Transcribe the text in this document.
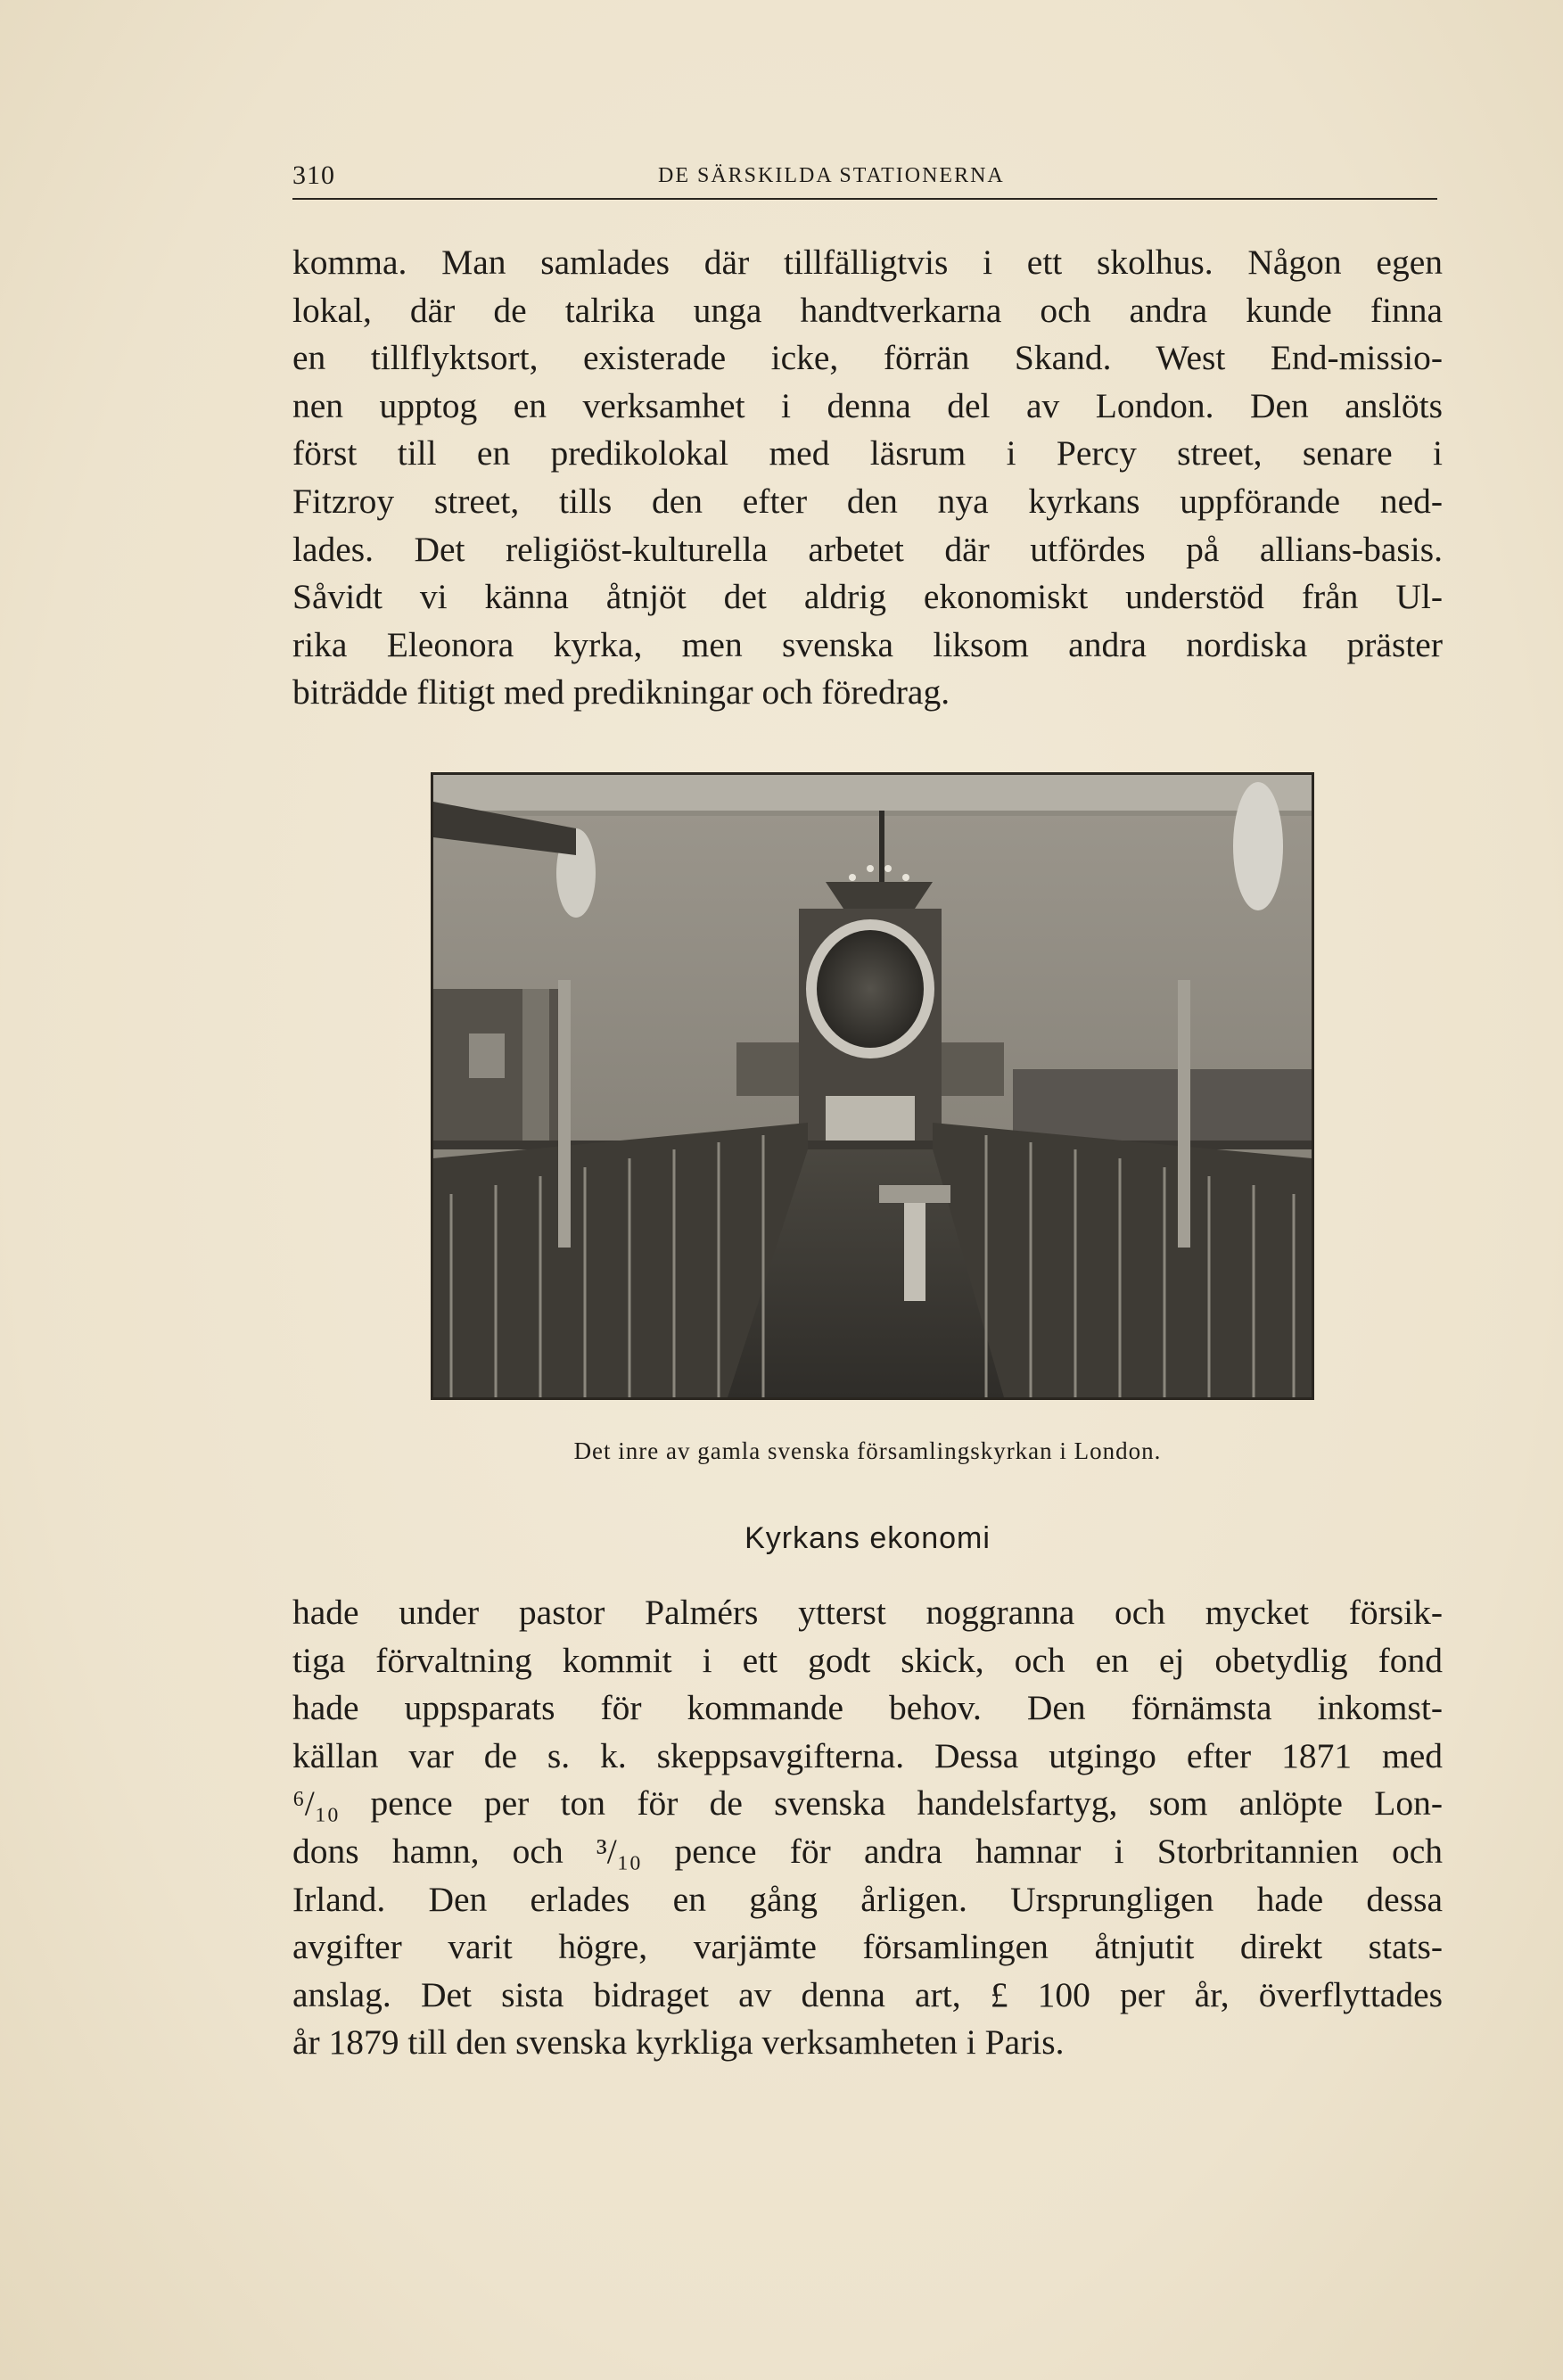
310	DE SÄRSKILDA STATIONERNA

komma. Man samlades där tillfälligtvis i ett skolhus. Någon egen

lokal, där de talrika unga handtverkarna och andra kunde finna

en tillflyktsort, existerade icke, förrän Skand. West End-missio-

nen upptog en verksamhet i denna del av London. Den anslöts

först till en predikolokal med läsrum i Percy street, senare i

Fitzroy street, tills den efter den nya kyrkans uppförande ned-

lades. Det religiöst-kulturella arbetet där utfördes på allians-basis.

Såvidt vi känna åtnjöt det aldrig ekonomiskt understöd från Ul-

rika Eleonora kyrka, men svenska liksom andra nordiska präster

biträdde flitigt med predikningar och föredrag.

Det inre av gamla svenska församlingskyrkan i London.
Kyrkans ekonomi

hade under pastor Palmérs ytterst noggranna och mycket försik-

tiga förvaltning kommit i ett godt skick, och en ej obetydlig fond

hade uppsparats för kommande behov. Den förnämsta inkomst-

källan var de s. k. skeppsavgifterna. Dessa utgingo efter 1871 med

⁶/₁₀ pence per ton för de svenska handelsfartyg, som anlöpte Lon-

dons hamn, och ³/₁₀ pence för andra hamnar i Storbritannien och

Irland. Den erlades en gång årligen. Ursprungligen hade dessa

avgifter varit högre, varjämte församlingen åtnjutit direkt stats-

anslag. Det sista bidraget av denna art, £ 100 per år, överflyttades

år 1879 till den svenska kyrkliga verksamheten i Paris.
